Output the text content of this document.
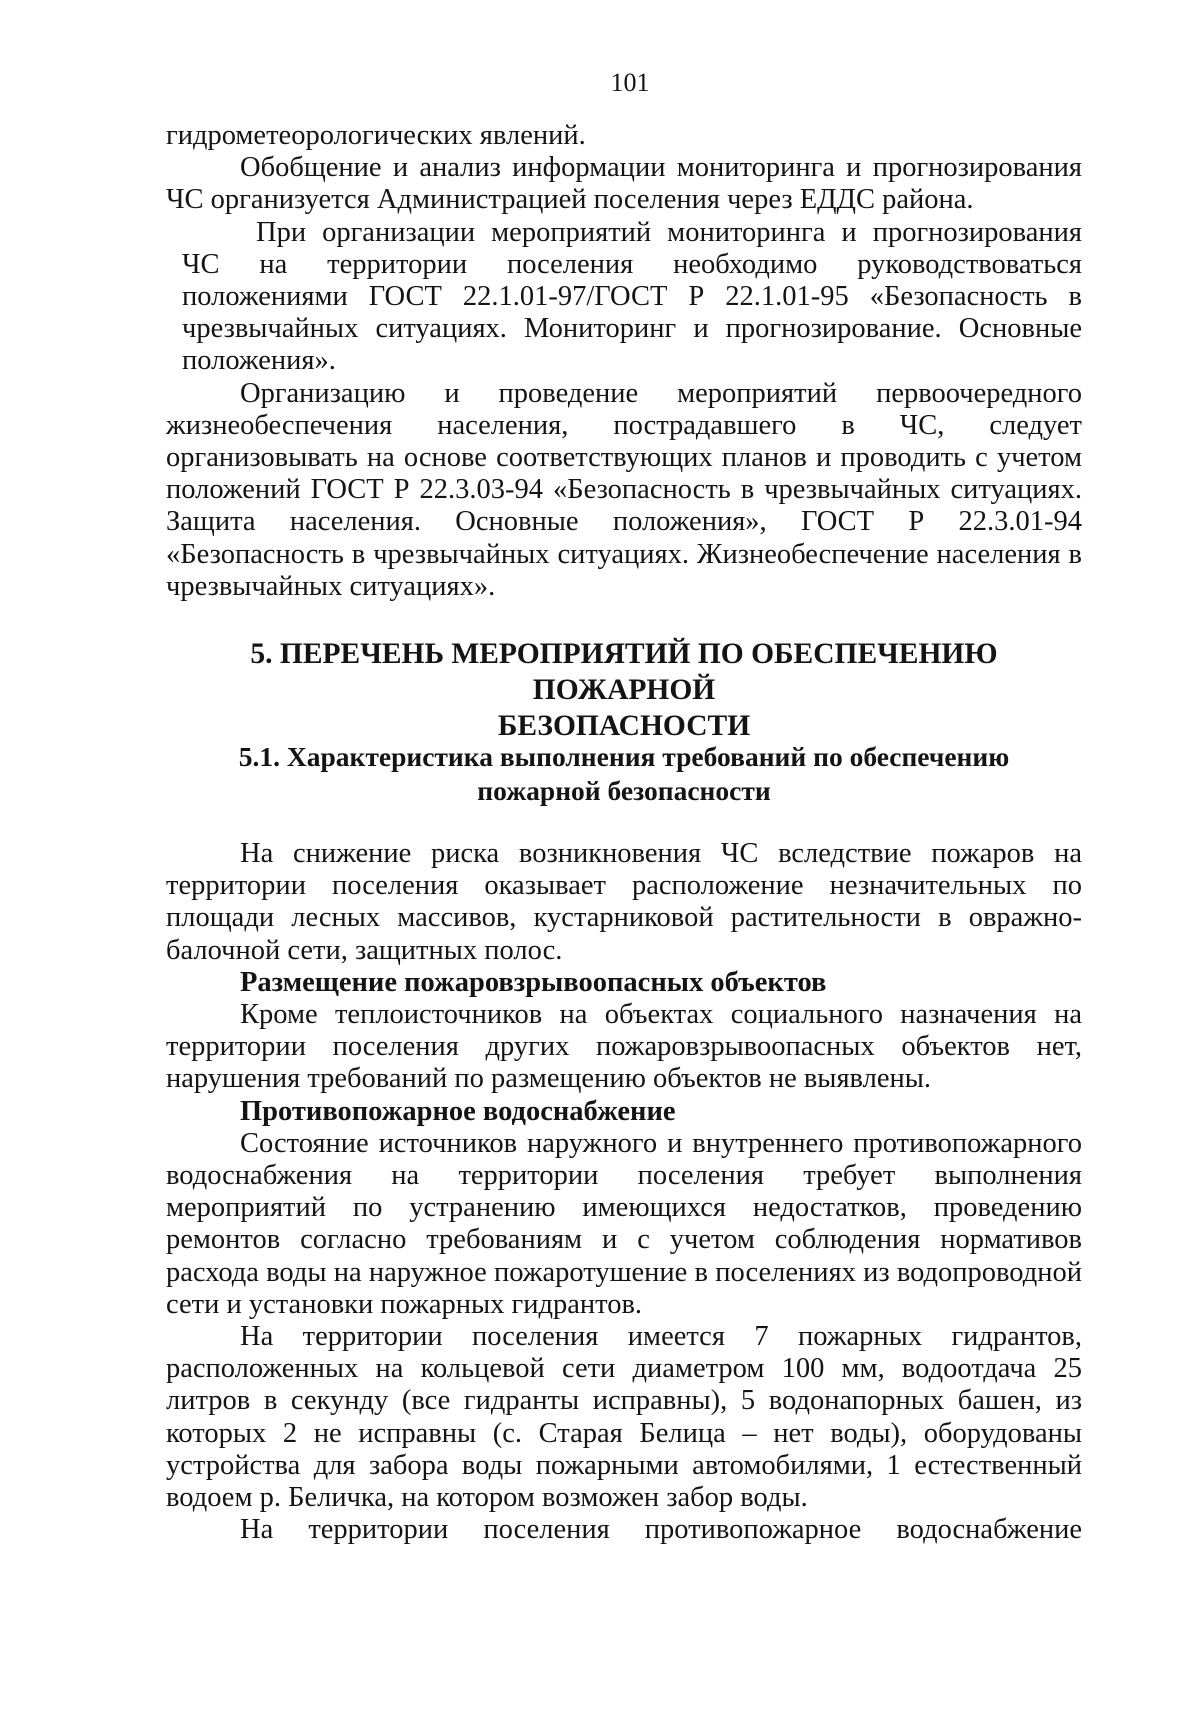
101

гидрометеорологических явлений.

Обобщение и анализ информации мониторинга и прогнозирования ЧС организуется Администрацией поселения через ЕДДС района.

При организации мероприятий мониторинга и прогнозирования ЧС на территории поселения необходимо руководствоваться положениями ГОСТ 22.1.01-97/ГОСТ Р 22.1.01-95 «Безопасность в чрезвычайных ситуациях. Мониторинг и прогнозирование. Основные положения».

Организацию и проведение мероприятий первоочередного жизнеобеспечения населения, пострадавшего в ЧС, следует организовывать на основе соответствующих планов и проводить с учетом положений ГОСТ Р 22.3.03-94 «Безопасность в чрезвычайных ситуациях. Защита населения. Основные положения», ГОСТ Р 22.3.01-94 «Безопасность в чрезвычайных ситуациях. Жизнеобеспечение населения в чрезвычайных ситуациях».

5. ПЕРЕЧЕНЬ МЕРОПРИЯТИЙ ПО ОБЕСПЕЧЕНИЮ ПОЖАРНОЙ
БЕЗОПАСНОСТИ
5.1. Характеристика выполнения требований по обеспечению
пожарной безопасности

На снижение риска возникновения ЧС вследствие пожаров на территории поселения оказывает расположение незначительных по площади лесных массивов, кустарниковой растительности в овражно-балочной сети, защитных полос.

Размещение пожаровзрывоопасных объектов

Кроме теплоисточников на объектах социального назначения на территории поселения других пожаровзрывоопасных объектов нет, нарушения требований по размещению объектов не выявлены.

Противопожарное водоснабжение

Состояние источников наружного и внутреннего противопожарного водоснабжения на территории поселения требует выполнения мероприятий по устранению имеющихся недостатков, проведению ремонтов согласно требованиям и с учетом соблюдения нормативов расхода воды на наружное пожаротушение в поселениях из водопроводной сети и установки пожарных гидрантов.

На территории поселения имеется 7 пожарных гидрантов, расположенных на кольцевой сети диаметром 100 мм, водоотдача 25 литров в секунду (все гидранты исправны), 5 водонапорных башен, из которых 2 не исправны (с. Старая Белица – нет воды), оборудованы устройства для забора воды пожарными автомобилями, 1 естественный водоем р. Беличка, на котором возможен забор воды.

На территории поселения противопожарное водоснабжение
